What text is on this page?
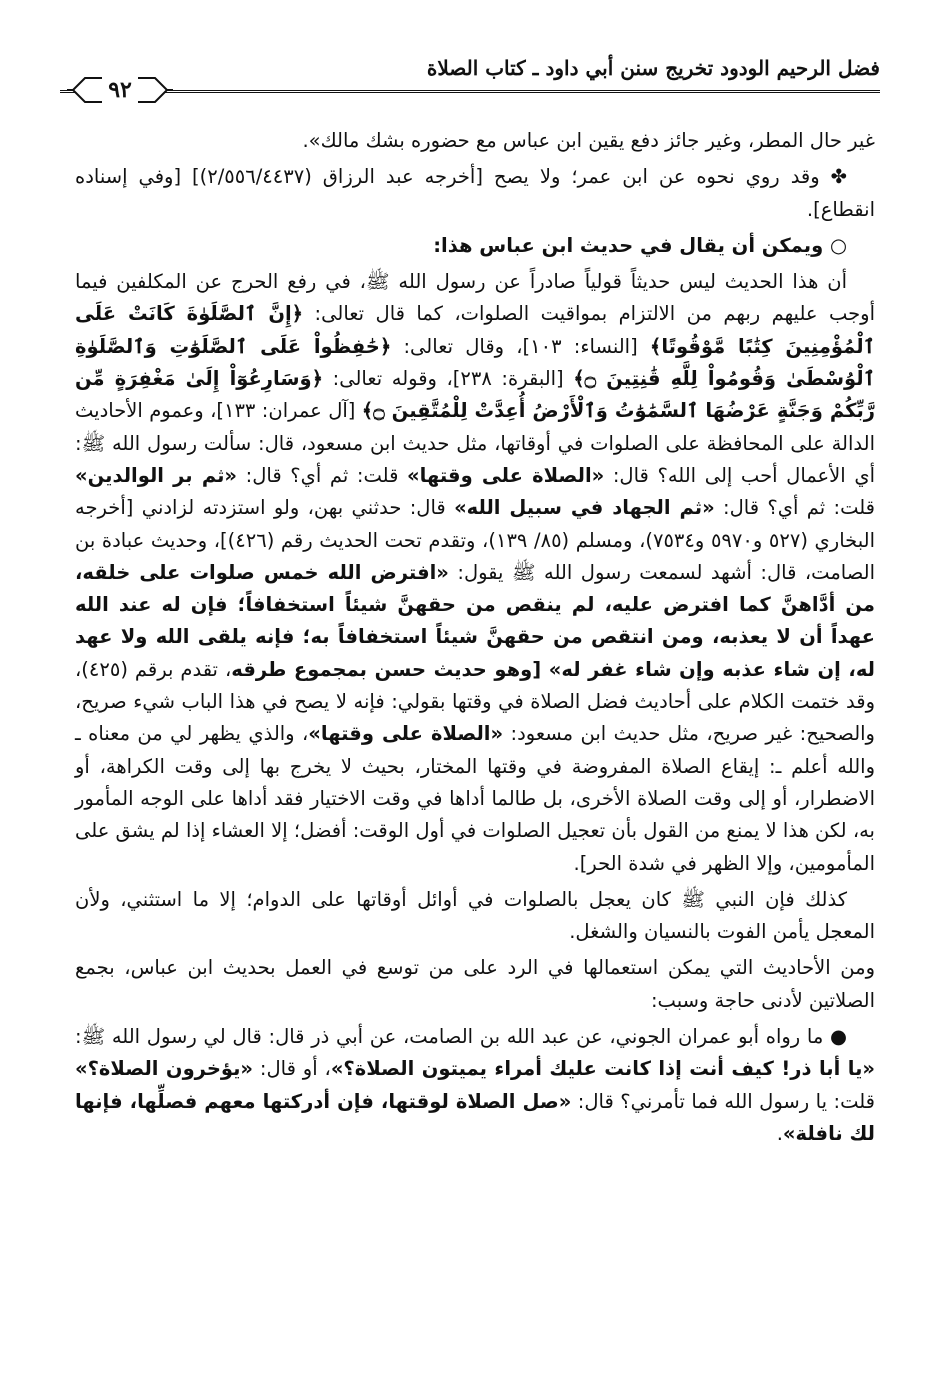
فضل الرحيم الودود تخريج سنن أبي داود ـ كتاب الصلاة
٩٢

غير حال المطر، وغير جائز دفع يقين ابن عباس مع حضوره بشك مالك».

✤ وقد روي نحوه عن ابن عمر؛ ولا يصح [أخرجه عبد الرزاق (٢/٥٥٦/٤٤٣٧)] [وفي إسناده انقطاع].

○ ويمكن أن يقال في حديث ابن عباس هذا:

أن هذا الحديث ليس حديثاً قولياً صادراً عن رسول الله ﷺ، في رفع الحرج عن المكلفين فيما أوجب عليهم ربهم من الالتزام بمواقيت الصلوات، كما قال تعالى: ﴿إِنَّ ٱلصَّلَوٰةَ كَانَتْ عَلَى ٱلْمُؤْمِنِينَ كِتَٰبًا مَّوْقُوتًا﴾ [النساء: ١٠٣]، وقال تعالى: ﴿حَٰفِظُواْ عَلَى ٱلصَّلَوَٰتِ وَٱلصَّلَوٰةِ ٱلْوُسْطَىٰ وَقُومُواْ لِلَّهِ قَٰنِتِينَ ۝﴾ [البقرة: ٢٣٨]، وقوله تعالى: ﴿وَسَارِعُوٓاْ إِلَىٰ مَغْفِرَةٍ مِّن رَّبِّكُمْ وَجَنَّةٍ عَرْضُهَا ٱلسَّمَٰوَٰتُ وَٱلْأَرْضُ أُعِدَّتْ لِلْمُتَّقِينَ ۝﴾ [آل عمران: ١٣٣]، وعموم الأحاديث الدالة على المحافظة على الصلوات في أوقاتها، مثل حديث ابن مسعود، قال: سألت رسول الله ﷺ: أي الأعمال أحب إلى الله؟ قال: «الصلاة على وقتها» قلت: ثم أي؟ قال: «ثم بر الوالدين» قلت: ثم أي؟ قال: «ثم الجهاد في سبيل الله» قال: حدثني بهن، ولو استزدته لزادني [أخرجه البخاري (٥٢٧ و٥٩٧٠ و٧٥٣٤)، ومسلم (٨٥/ ١٣٩)، وتقدم تحت الحديث رقم (٤٢٦)]، وحديث عبادة بن الصامت، قال: أشهد لسمعت رسول الله ﷺ يقول: «افترض الله خمس صلوات على خلقه، من أدَّاهنَّ كما افترض عليه، لم ينقص من حقهنَّ شيئاً استخفافاً؛ فإن له عند الله عهداً أن لا يعذبه، ومن انتقص من حقهنَّ شيئاً استخفافاً به؛ فإنه يلقى الله ولا عهد له، إن شاء عذبه وإن شاء غفر له» [وهو حديث حسن بمجموع طرقه، تقدم برقم (٤٢٥)، وقد ختمت الكلام على أحاديث فضل الصلاة في وقتها بقولي: فإنه لا يصح في هذا الباب شيء صريح، والصحيح: غير صريح، مثل حديث ابن مسعود: «الصلاة على وقتها»، والذي يظهر لي من معناه ـ والله أعلم ـ: إيقاع الصلاة المفروضة في وقتها المختار، بحيث لا يخرج بها إلى وقت الكراهة، أو الاضطرار، أو إلى وقت الصلاة الأخرى، بل طالما أداها في وقت الاختيار فقد أداها على الوجه المأمور به، لكن هذا لا يمنع من القول بأن تعجيل الصلوات في أول الوقت: أفضل؛ إلا العشاء إذا لم يشق على المأمومين، وإلا الظهر في شدة الحر].

كذلك فإن النبي ﷺ كان يعجل بالصلوات في أوائل أوقاتها على الدوام؛ إلا ما استثني، ولأن المعجل يأمن الفوت بالنسيان والشغل.

ومن الأحاديث التي يمكن استعمالها في الرد على من توسع في العمل بحديث ابن عباس، بجمع الصلاتين لأدنى حاجة وسبب:

● ما رواه أبو عمران الجوني، عن عبد الله بن الصامت، عن أبي ذر قال: قال لي رسول الله ﷺ: «يا أبا ذر! كيف أنت إذا كانت عليك أمراء يميتون الصلاة؟»، أو قال: «يؤخرون الصلاة؟» قلت: يا رسول الله فما تأمرني؟ قال: «صل الصلاة لوقتها، فإن أدركتها معهم فصلِّها، فإنها لك نافلة».
